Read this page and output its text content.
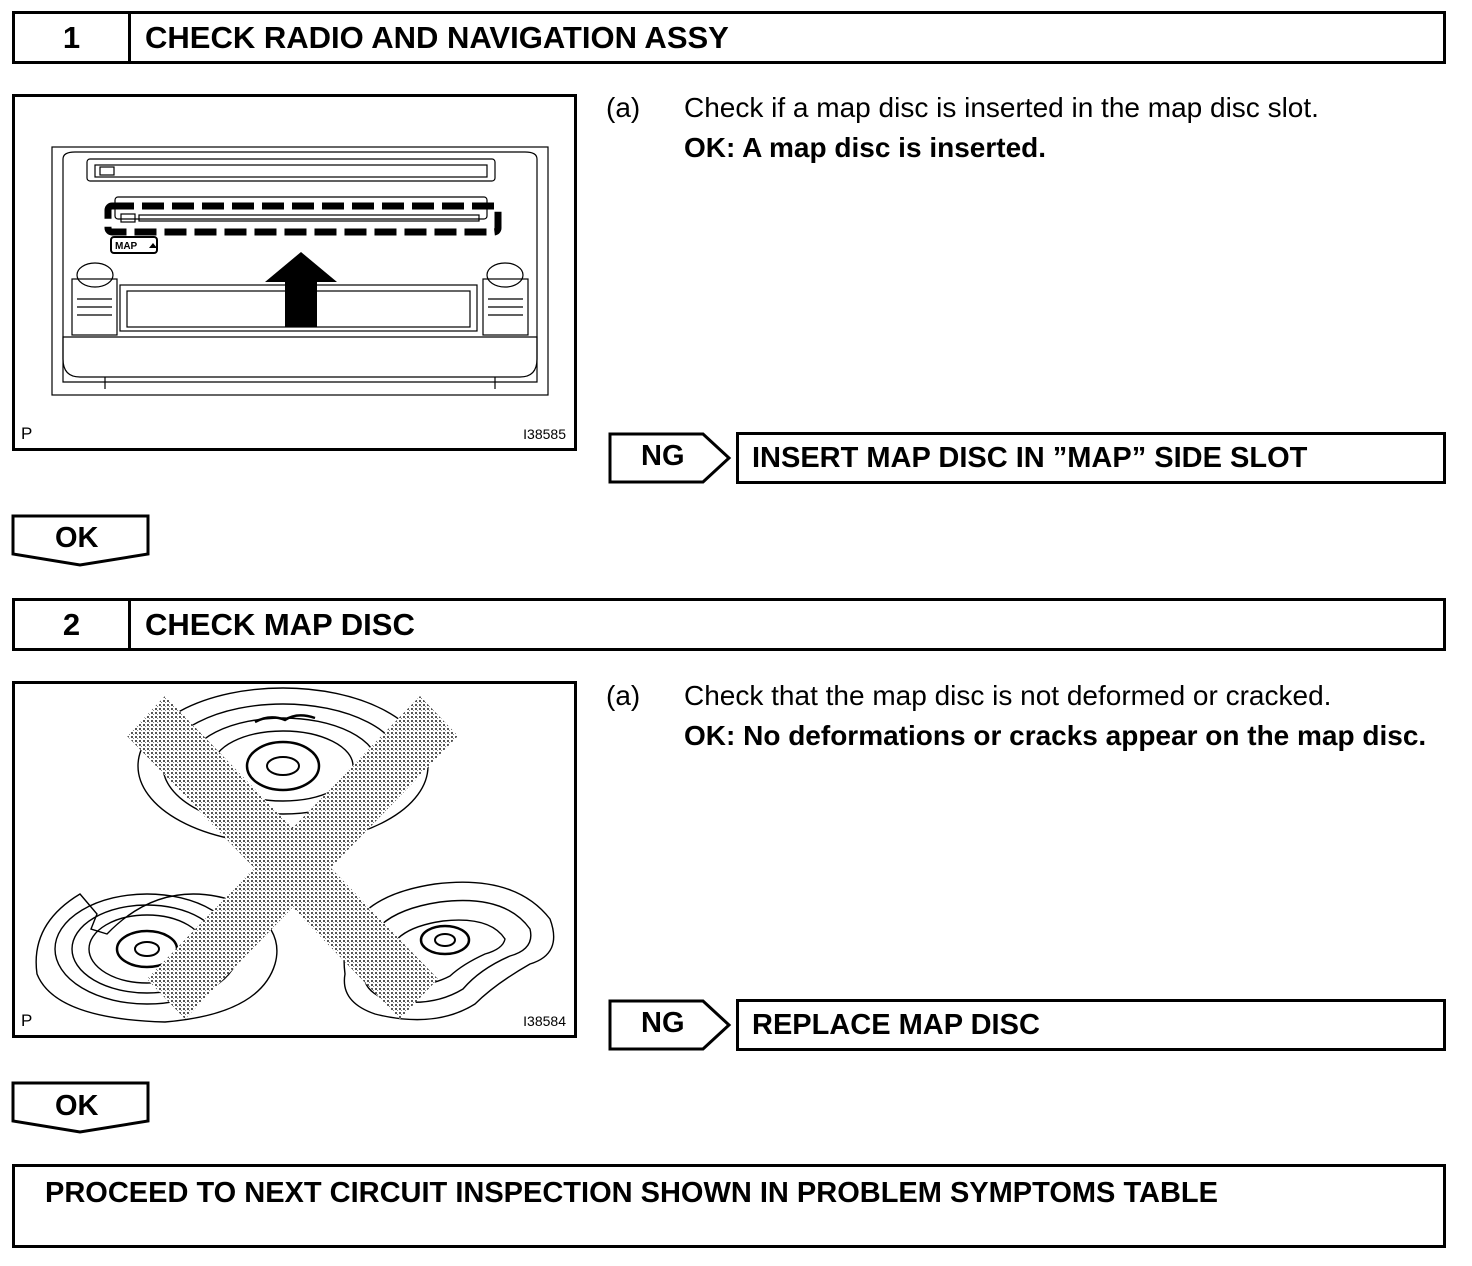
1	CHECK RADIO AND NAVIGATION ASSY
MAP
P	I38585
(a) Check if a map disc is inserted in the map disc slot.
OK: A map disc is inserted.
NG	INSERT MAP DISC IN ”MAP” SIDE SLOT
OK
2	CHECK MAP DISC
P	I38584
(a) Check that the map disc is not deformed or cracked.
OK: No deformations or cracks appear on the map disc.
NG	REPLACE MAP DISC
OK
PROCEED TO NEXT CIRCUIT INSPECTION SHOWN IN PROBLEM SYMPTOMS TABLE
